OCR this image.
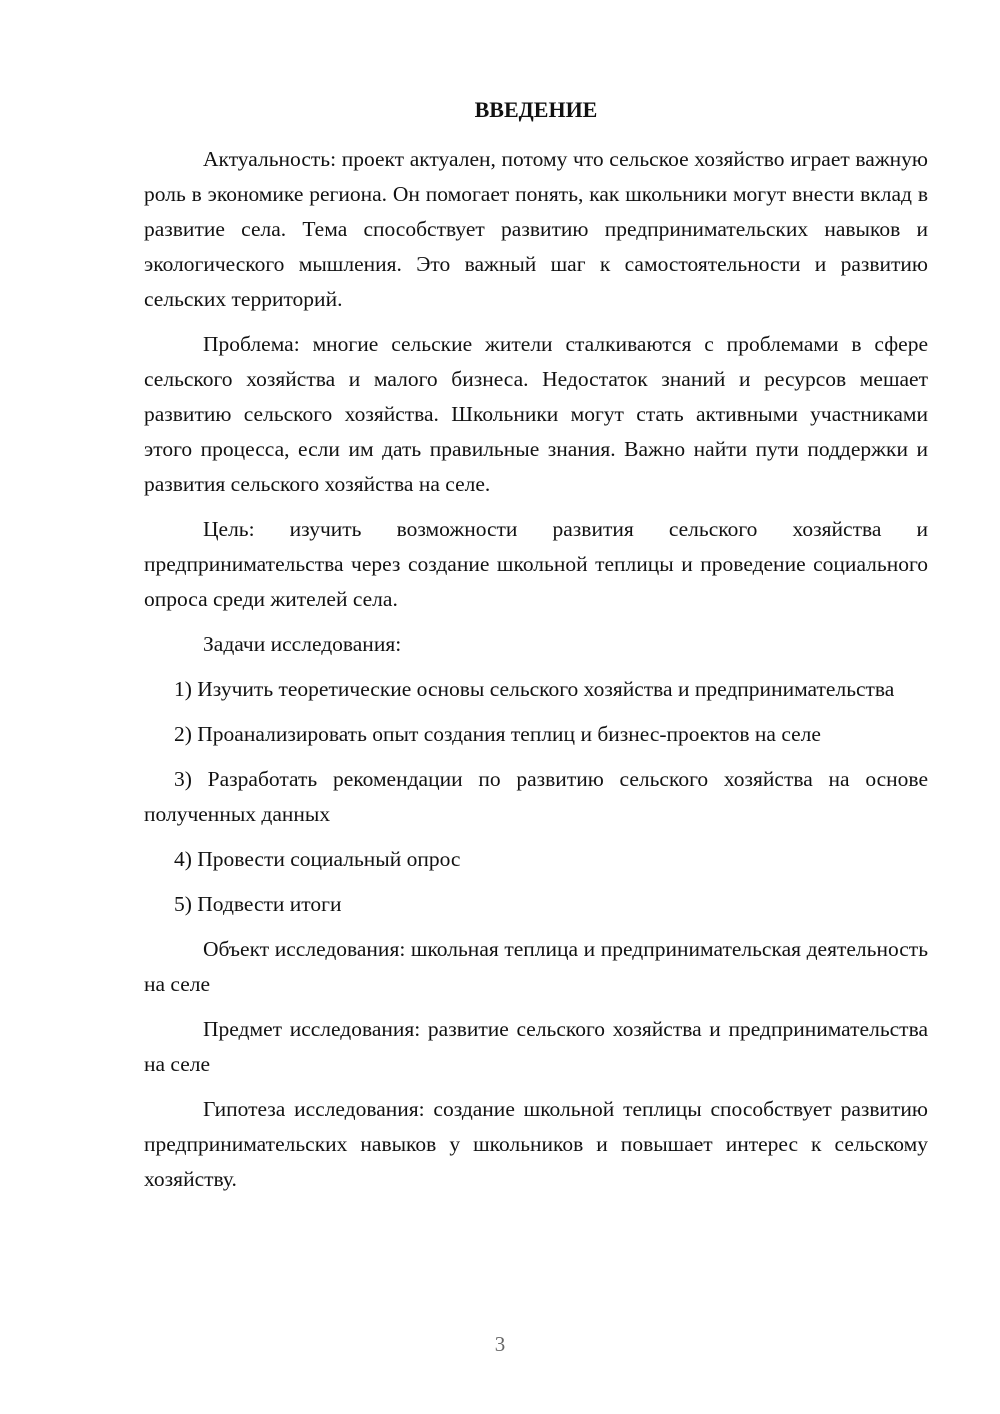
ВВЕДЕНИЕ

Актуальность: проект актуален, потому что сельское хозяйство играет важную роль в экономике региона. Он помогает понять, как школьники могут внести вклад в развитие села. Тема способствует развитию предпринимательских навыков и экологического мышления. Это важный шаг к самостоятельности и развитию сельских территорий.

Проблема: многие сельские жители сталкиваются с проблемами в сфере сельского хозяйства и малого бизнеса. Недостаток знаний и ресурсов мешает развитию сельского хозяйства. Школьники могут стать активными участниками этого процесса, если им дать правильные знания. Важно найти пути поддержки и развития сельского хозяйства на селе.

Цель: изучить возможности развития сельского хозяйства и предпринимательства через создание школьной теплицы и проведение социального опроса среди жителей села.

Задачи исследования:

1) Изучить теоретические основы сельского хозяйства и предпринимательства

2) Проанализировать опыт создания теплиц и бизнес-проектов на селе

3) Разработать рекомендации по развитию сельского хозяйства на основе полученных данных

4) Провести социальный опрос

5) Подвести итоги

Объект исследования: школьная теплица и предпринимательская деятельность на селе

Предмет исследования: развитие сельского хозяйства и предпринимательства на селе

Гипотеза исследования: создание школьной теплицы способствует развитию предпринимательских навыков у школьников и повышает интерес к сельскому хозяйству.

3
